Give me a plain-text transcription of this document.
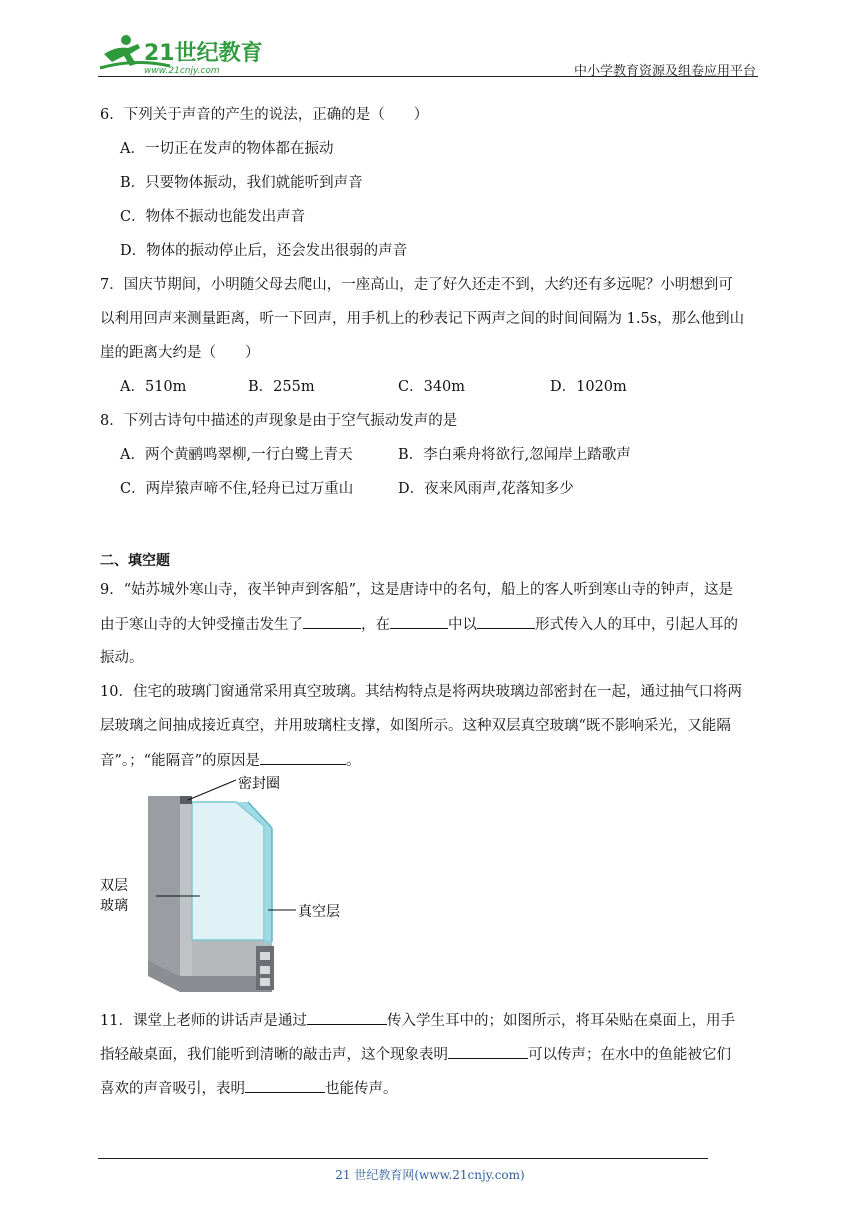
21世纪教育
www.21cnjy.com	中小学教育资源及组卷应用平台
6．下列关于声音的产生的说法，正确的是（　　）
A．一切正在发声的物体都在振动
B．只要物体振动，我们就能听到声音
C．物体不振动也能发出声音
D．物体的振动停止后，还会发出很弱的声音
7．国庆节期间，小明随父母去爬山，一座高山，走了好久还走不到，大约还有多远呢？小明想到可
以利用回声来测量距离，听一下回声，用手机上的秒表记下两声之间的时间间隔为 1.5s，那么他到山
崖的距离大约是（　　）
A．510m	B．255m	C．340m	D．1020m
8．下列古诗句中描述的声现象是由于空气振动发声的是
A．两个黄鹂鸣翠柳,一行白鹭上青天	B．李白乘舟将欲行,忽闻岸上踏歌声
C．两岸猿声啼不住,轻舟已过万重山	D．夜来风雨声,花落知多少
二、填空题
9．“姑苏城外寒山寺，夜半钟声到客船”，这是唐诗中的名句，船上的客人听到寒山寺的钟声，这是
由于寒山寺的大钟受撞击发生了	，在	中以	形式传入人的耳中，引起人耳的
振动。
10．住宅的玻璃门窗通常采用真空玻璃。其结构特点是将两块玻璃边部密封在一起，通过抽气口将两
层玻璃之间抽成接近真空，并用玻璃柱支撑，如图所示。这种双层真空玻璃“既不影响采光，又能隔
音”。；“能隔音”的原因是	。
密封圈
双层
玻璃	真空层
11．课堂上老师的讲话声是通过	传入学生耳中的；如图所示，将耳朵贴在桌面上，用手
指轻敲桌面，我们能听到清晰的敲击声，这个现象表明	可以传声；在水中的鱼能被它们
喜欢的声音吸引，表明	也能传声。
21 世纪教育网(www.21cnjy.com)
